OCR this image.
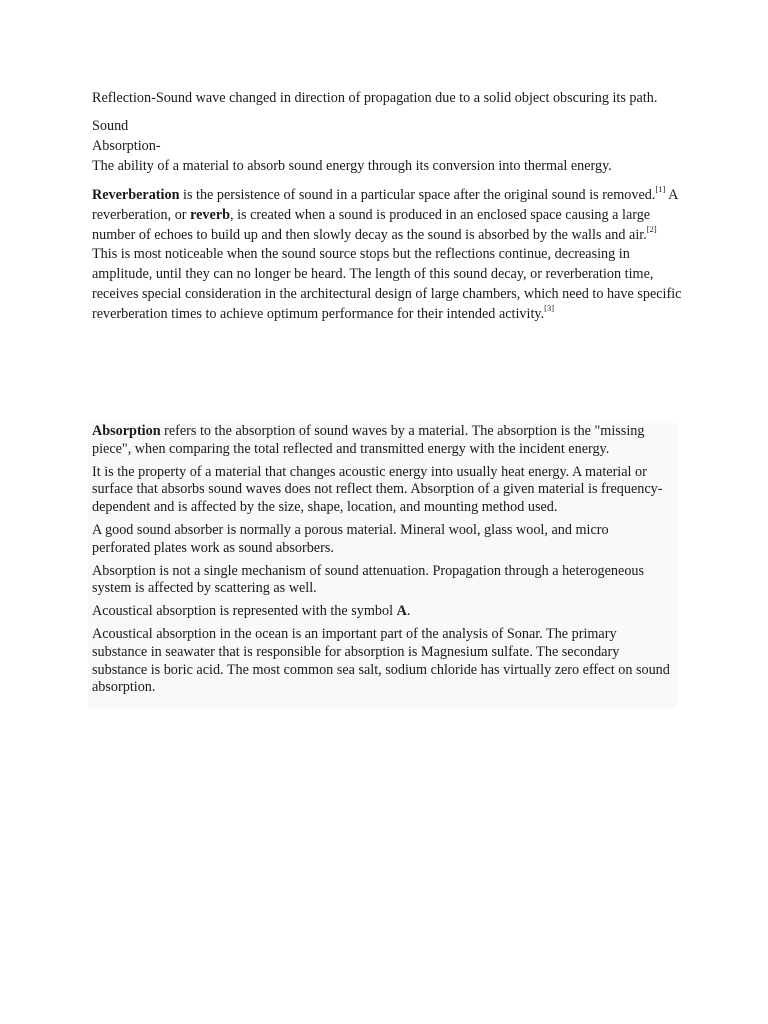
Reflection-Sound wave changed in direction of propagation due to a solid object obscuring its path.

Sound
Absorption-
The ability of a material to absorb sound energy through its conversion into thermal energy.

Reverberation is the persistence of sound in a particular space after the original sound is removed.[1] A reverberation, or reverb, is created when a sound is produced in an enclosed space causing a large number of echoes to build up and then slowly decay as the sound is absorbed by the walls and air.[2] This is most noticeable when the sound source stops but the reflections continue, decreasing in amplitude, until they can no longer be heard. The length of this sound decay, or reverberation time, receives special consideration in the architectural design of large chambers, which need to have specific reverberation times to achieve optimum performance for their intended activity.[3]

Absorption refers to the absorption of sound waves by a material. The absorption is the "missing piece", when comparing the total reflected and transmitted energy with the incident energy.

It is the property of a material that changes acoustic energy into usually heat energy. A material or surface that absorbs sound waves does not reflect them. Absorption of a given material is frequency-dependent and is affected by the size, shape, location, and mounting method used.

A good sound absorber is normally a porous material. Mineral wool, glass wool, and micro perforated plates work as sound absorbers.

Absorption is not a single mechanism of sound attenuation. Propagation through a heterogeneous system is affected by scattering as well.

Acoustical absorption is represented with the symbol A.

Acoustical absorption in the ocean is an important part of the analysis of Sonar. The primary substance in seawater that is responsible for absorption is Magnesium sulfate. The secondary substance is boric acid. The most common sea salt, sodium chloride has virtually zero effect on sound absorption.
